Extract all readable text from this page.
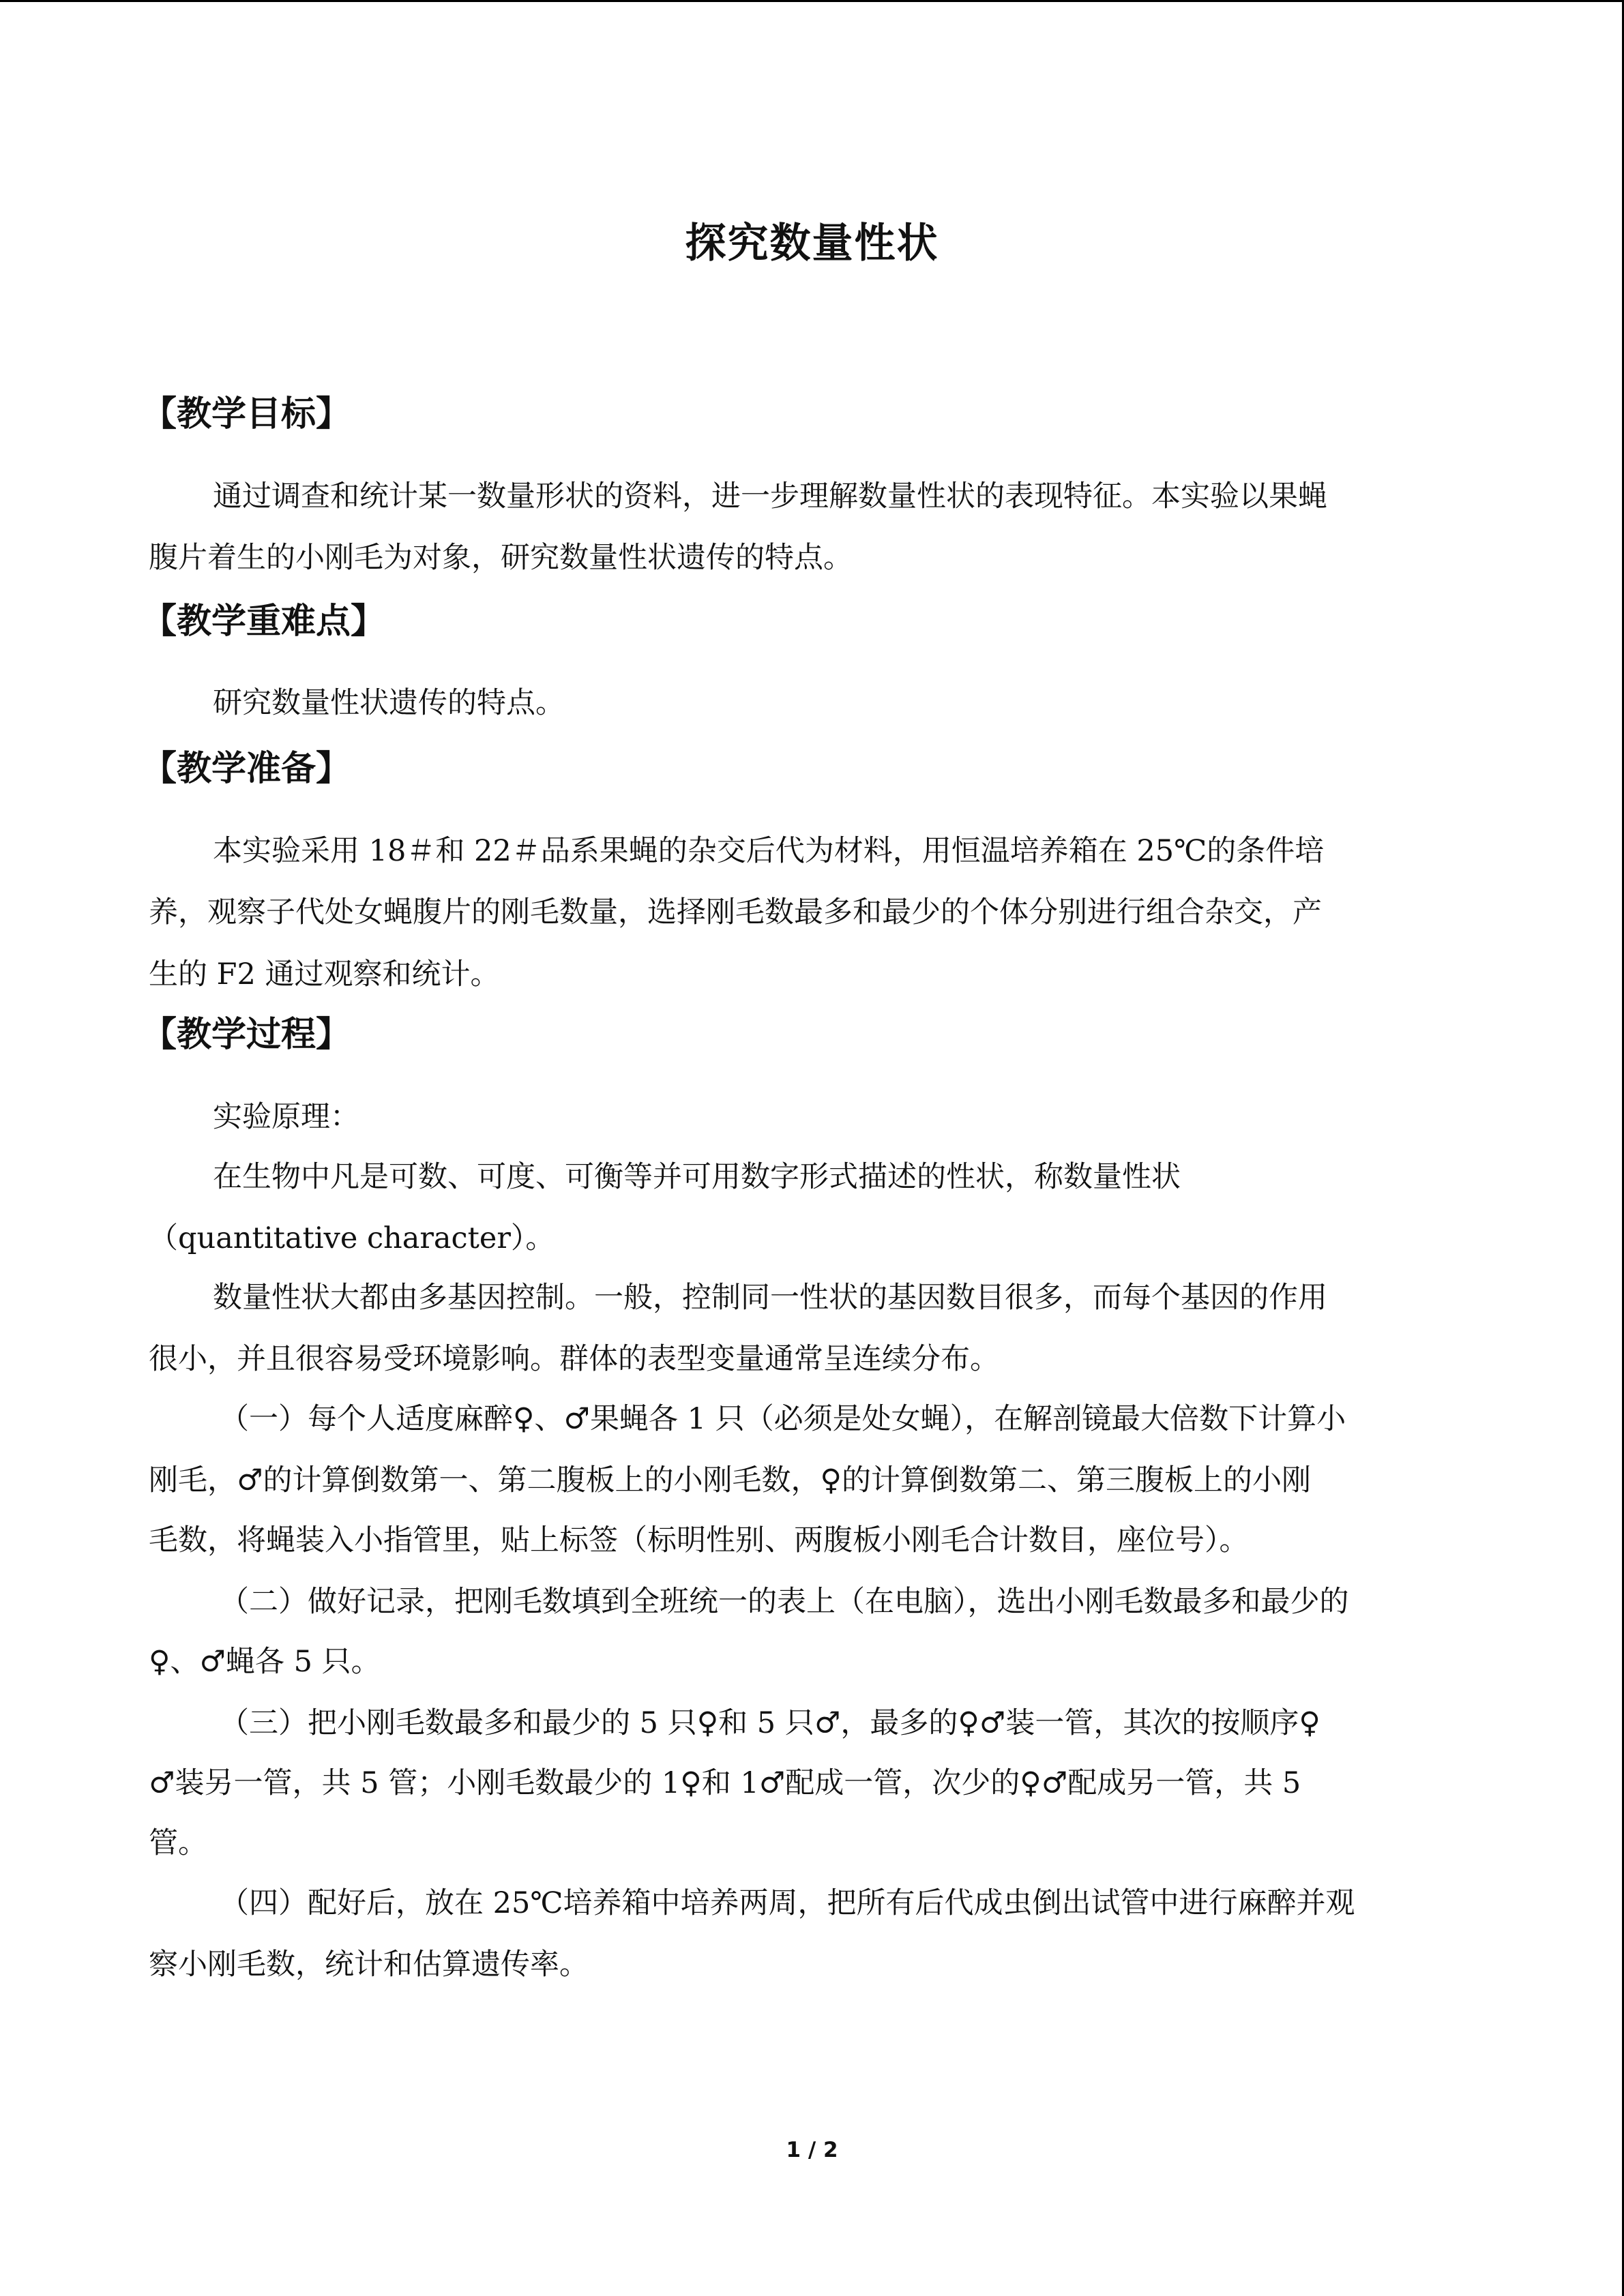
探究数量性状
【教学目标】
通过调查和统计某一数量形状的资料，进一步理解数量性状的表现特征。本实验以果蝇
腹片着生的小刚毛为对象，研究数量性状遗传的特点。
【教学重难点】
研究数量性状遗传的特点。
【教学准备】
本实验采用 18＃和 22＃品系果蝇的杂交后代为材料，用恒温培养箱在 25℃的条件培
养，观察子代处女蝇腹片的刚毛数量，选择刚毛数最多和最少的个体分别进行组合杂交，产
生的 F2 通过观察和统计。
【教学过程】
实验原理：
在生物中凡是可数、可度、可衡等并可用数字形式描述的性状，称数量性状
（quantitative character）。
数量性状大都由多基因控制。一般，控制同一性状的基因数目很多，而每个基因的作用
很小，并且很容易受环境影响。群体的表型变量通常呈连续分布。
（一）每个人适度麻醉♀、♂果蝇各 1 只（必须是处女蝇），在解剖镜最大倍数下计算小
刚毛，♂的计算倒数第一、第二腹板上的小刚毛数，♀的计算倒数第二、第三腹板上的小刚
毛数，将蝇装入小指管里，贴上标签（标明性别、两腹板小刚毛合计数目，座位号）。
（二）做好记录，把刚毛数填到全班统一的表上（在电脑），选出小刚毛数最多和最少的
♀、♂蝇各 5 只。
（三）把小刚毛数最多和最少的 5 只♀和 5 只♂，最多的♀♂装一管，其次的按顺序♀
♂装另一管，共 5 管；小刚毛数最少的 1♀和 1♂配成一管，次少的♀♂配成另一管，共 5
管。
（四）配好后，放在 25℃培养箱中培养两周，把所有后代成虫倒出试管中进行麻醉并观
察小刚毛数，统计和估算遗传率。
1 / 2
